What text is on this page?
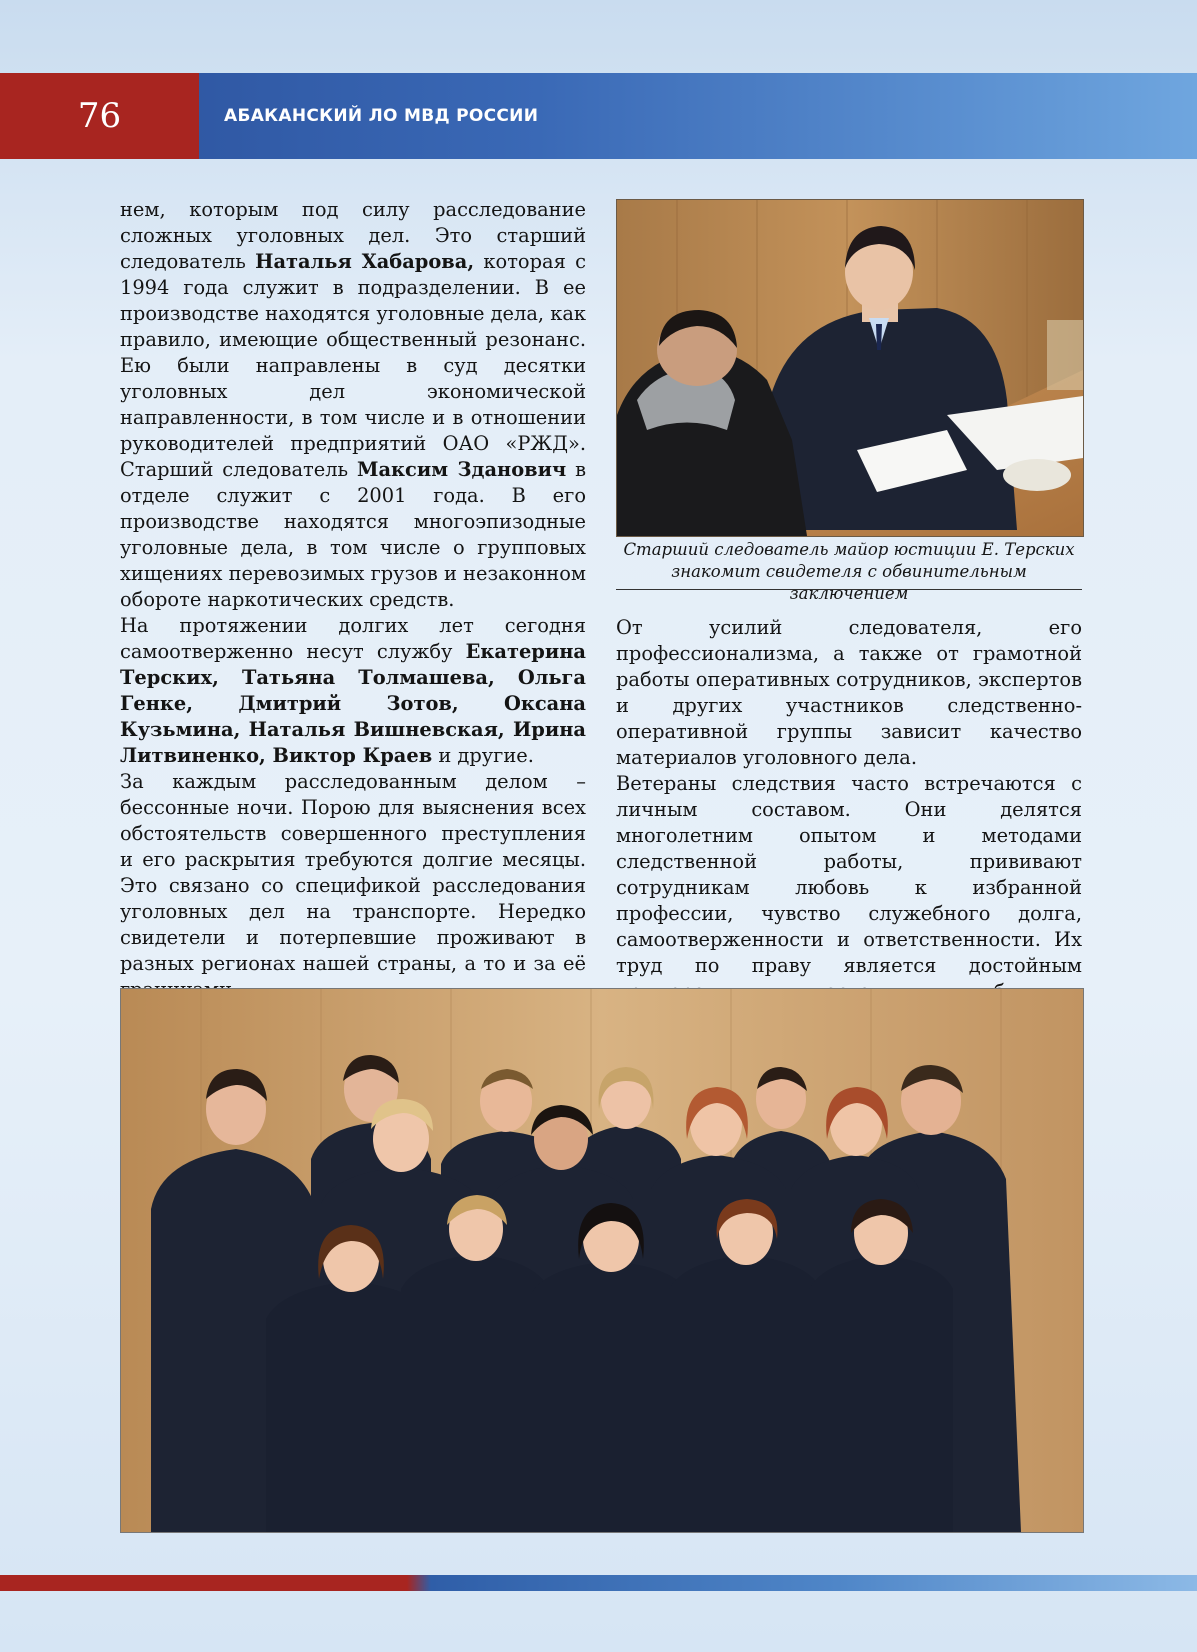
76	АБАКАНСКИЙ ЛО МВД РОССИИ

нем, которым под силу расследование сложных уголовных дел. Это старший следователь Наталья Хабарова, которая с 1994 года служит в подразделении. В ее производстве находятся уголовные дела, как правило, имеющие общественный резонанс. Ею были направлены в суд десятки уголовных дел экономической направленности, в том числе и в отношении руководителей предприятий ОАО «РЖД». Старший следователь Максим Зданович в отделе служит с 2001 года. В его производстве находятся многоэпизодные уголовные дела, в том числе о групповых хищениях перевозимых грузов и незаконном обороте наркотических средств.

На протяжении долгих лет сегодня самоотверженно несут службу Екатерина Терских, Татьяна Толмашева, Ольга Генке, Дмитрий Зотов, Оксана Кузьмина, Наталья Вишневская, Ирина Литвиненко, Виктор Краев и другие.

За каждым расследованным делом – бессонные ночи. Порою для выяснения всех обстоятельств совершенного преступления и его раскрытия требуются долгие месяцы. Это связано со спецификой расследования уголовных дел на транспорте. Нередко свидетели и потерпевшие проживают в разных регионах нашей страны, а то и за её

Старший следователь майор юстиции Е. Терских
знакомит свидетеля с обвинительным заключением

От усилий следователя, его профессионализма, а также от грамотной работы оперативных сотрудников, экспертов и других участников следственно-оперативной группы зависит качество материалов уголовного дела.

Ветераны следствия часто встречаются с личным составом. Они делятся многолетним опытом и методами следственной работы, прививают сотрудникам любовь к избранной профессии, чувство служебного долга, самоотверженности и ответственности. Их труд по праву является достойным
